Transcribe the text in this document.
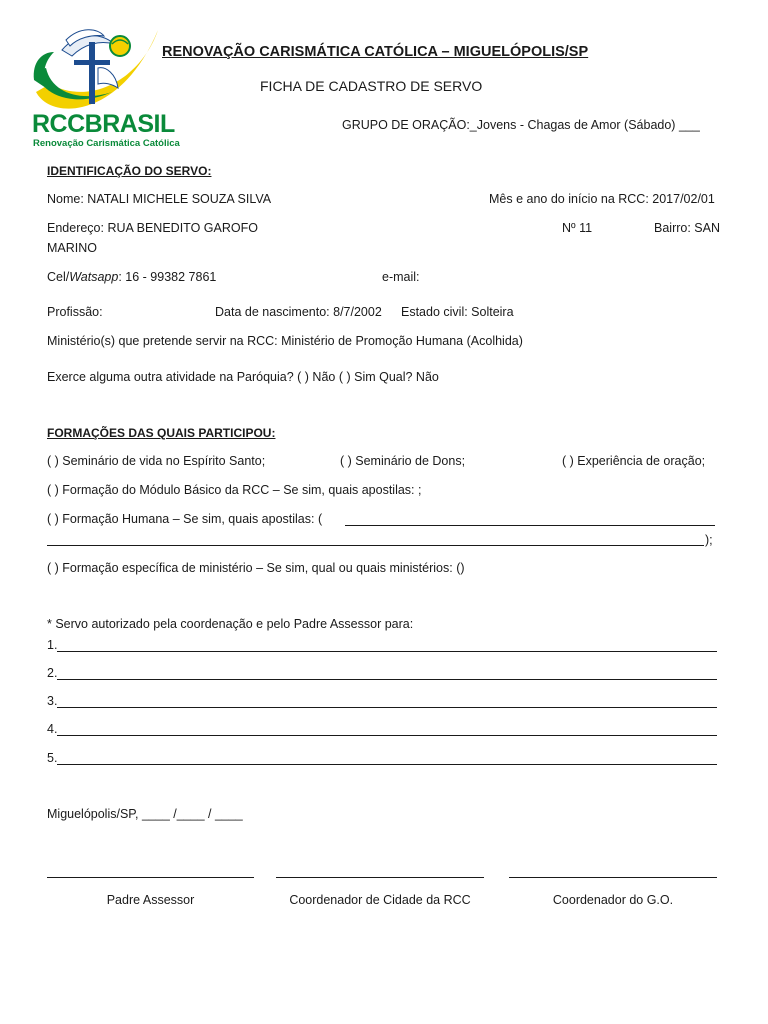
RCCBRASIL
Renovação Carismática Católica
RENOVAÇÃO CARISMÁTICA CATÓLICA – MIGUELÓPOLIS/SP
FICHA DE CADASTRO DE SERVO
GRUPO DE ORAÇÃO:_Jovens - Chagas de Amor (Sábado) ___
IDENTIFICAÇÃO DO SERVO:
Nome: NATALI MICHELE SOUZA SILVA	Mês e ano do início na RCC: 2017/02/01
Endereço: RUA BENEDITO GAROFO	Nº 11	Bairro: SAN
MARINO
Cel/Watsapp: 16 - 99382 7861	e-mail:
Profissão:	Data de nascimento: 8/7/2002 Estado civil: Solteira
Ministério(s) que pretende servir na RCC: Ministério de Promoção Humana (Acolhida)
Exerce alguma outra atividade na Paróquia? ( ) Não ( ) Sim Qual? Não
FORMAÇÕES DAS QUAIS PARTICIPOU:
( ) Seminário de vida no Espírito Santo;	( ) Seminário de Dons;	( ) Experiência de oração;
( ) Formação do Módulo Básico da RCC – Se sim, quais apostilas: ;
( ) Formação Humana – Se sim, quais apostilas: (
);
( ) Formação específica de ministério – Se sim, qual ou quais ministérios: ()
* Servo autorizado pela coordenação e pelo Padre Assessor para:
1.
2.
3.
4.
5.
Miguelópolis/SP, ____ /____ / ____
Padre Assessor	Coordenador de Cidade da RCC	Coordenador do G.O.
